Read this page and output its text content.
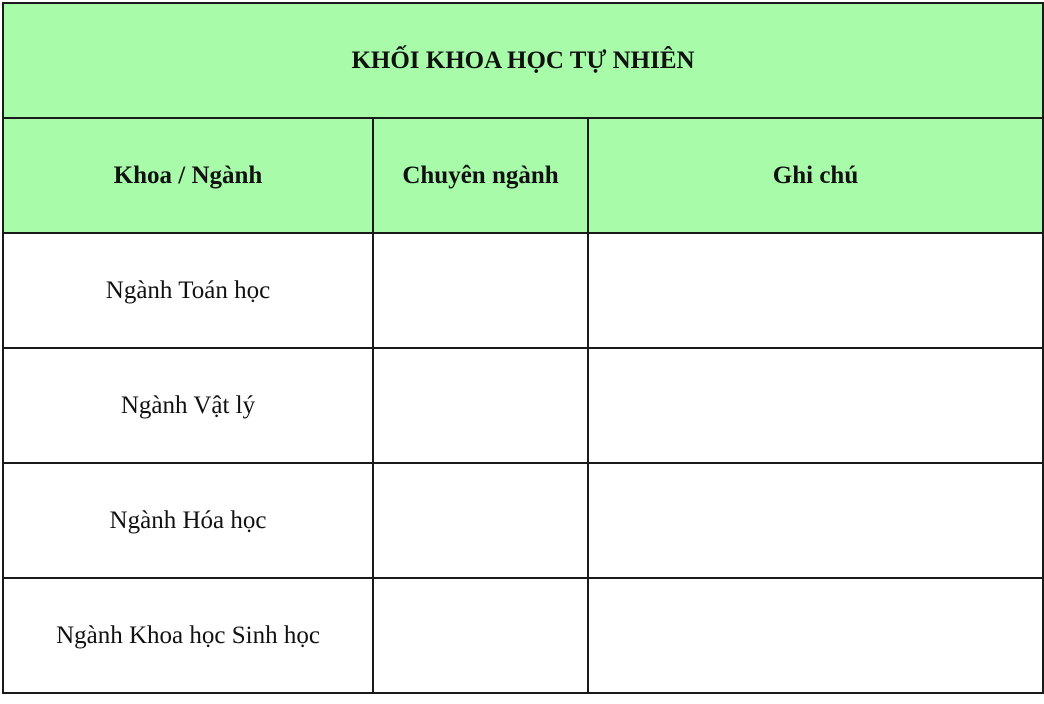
KHỐI KHOA HỌC TỰ NHIÊN		
Khoa / Ngành	Chuyên ngành	Ghi chú
Ngành Toán học		
Ngành Vật lý		
Ngành Hóa học		
Ngành Khoa học Sinh học		
